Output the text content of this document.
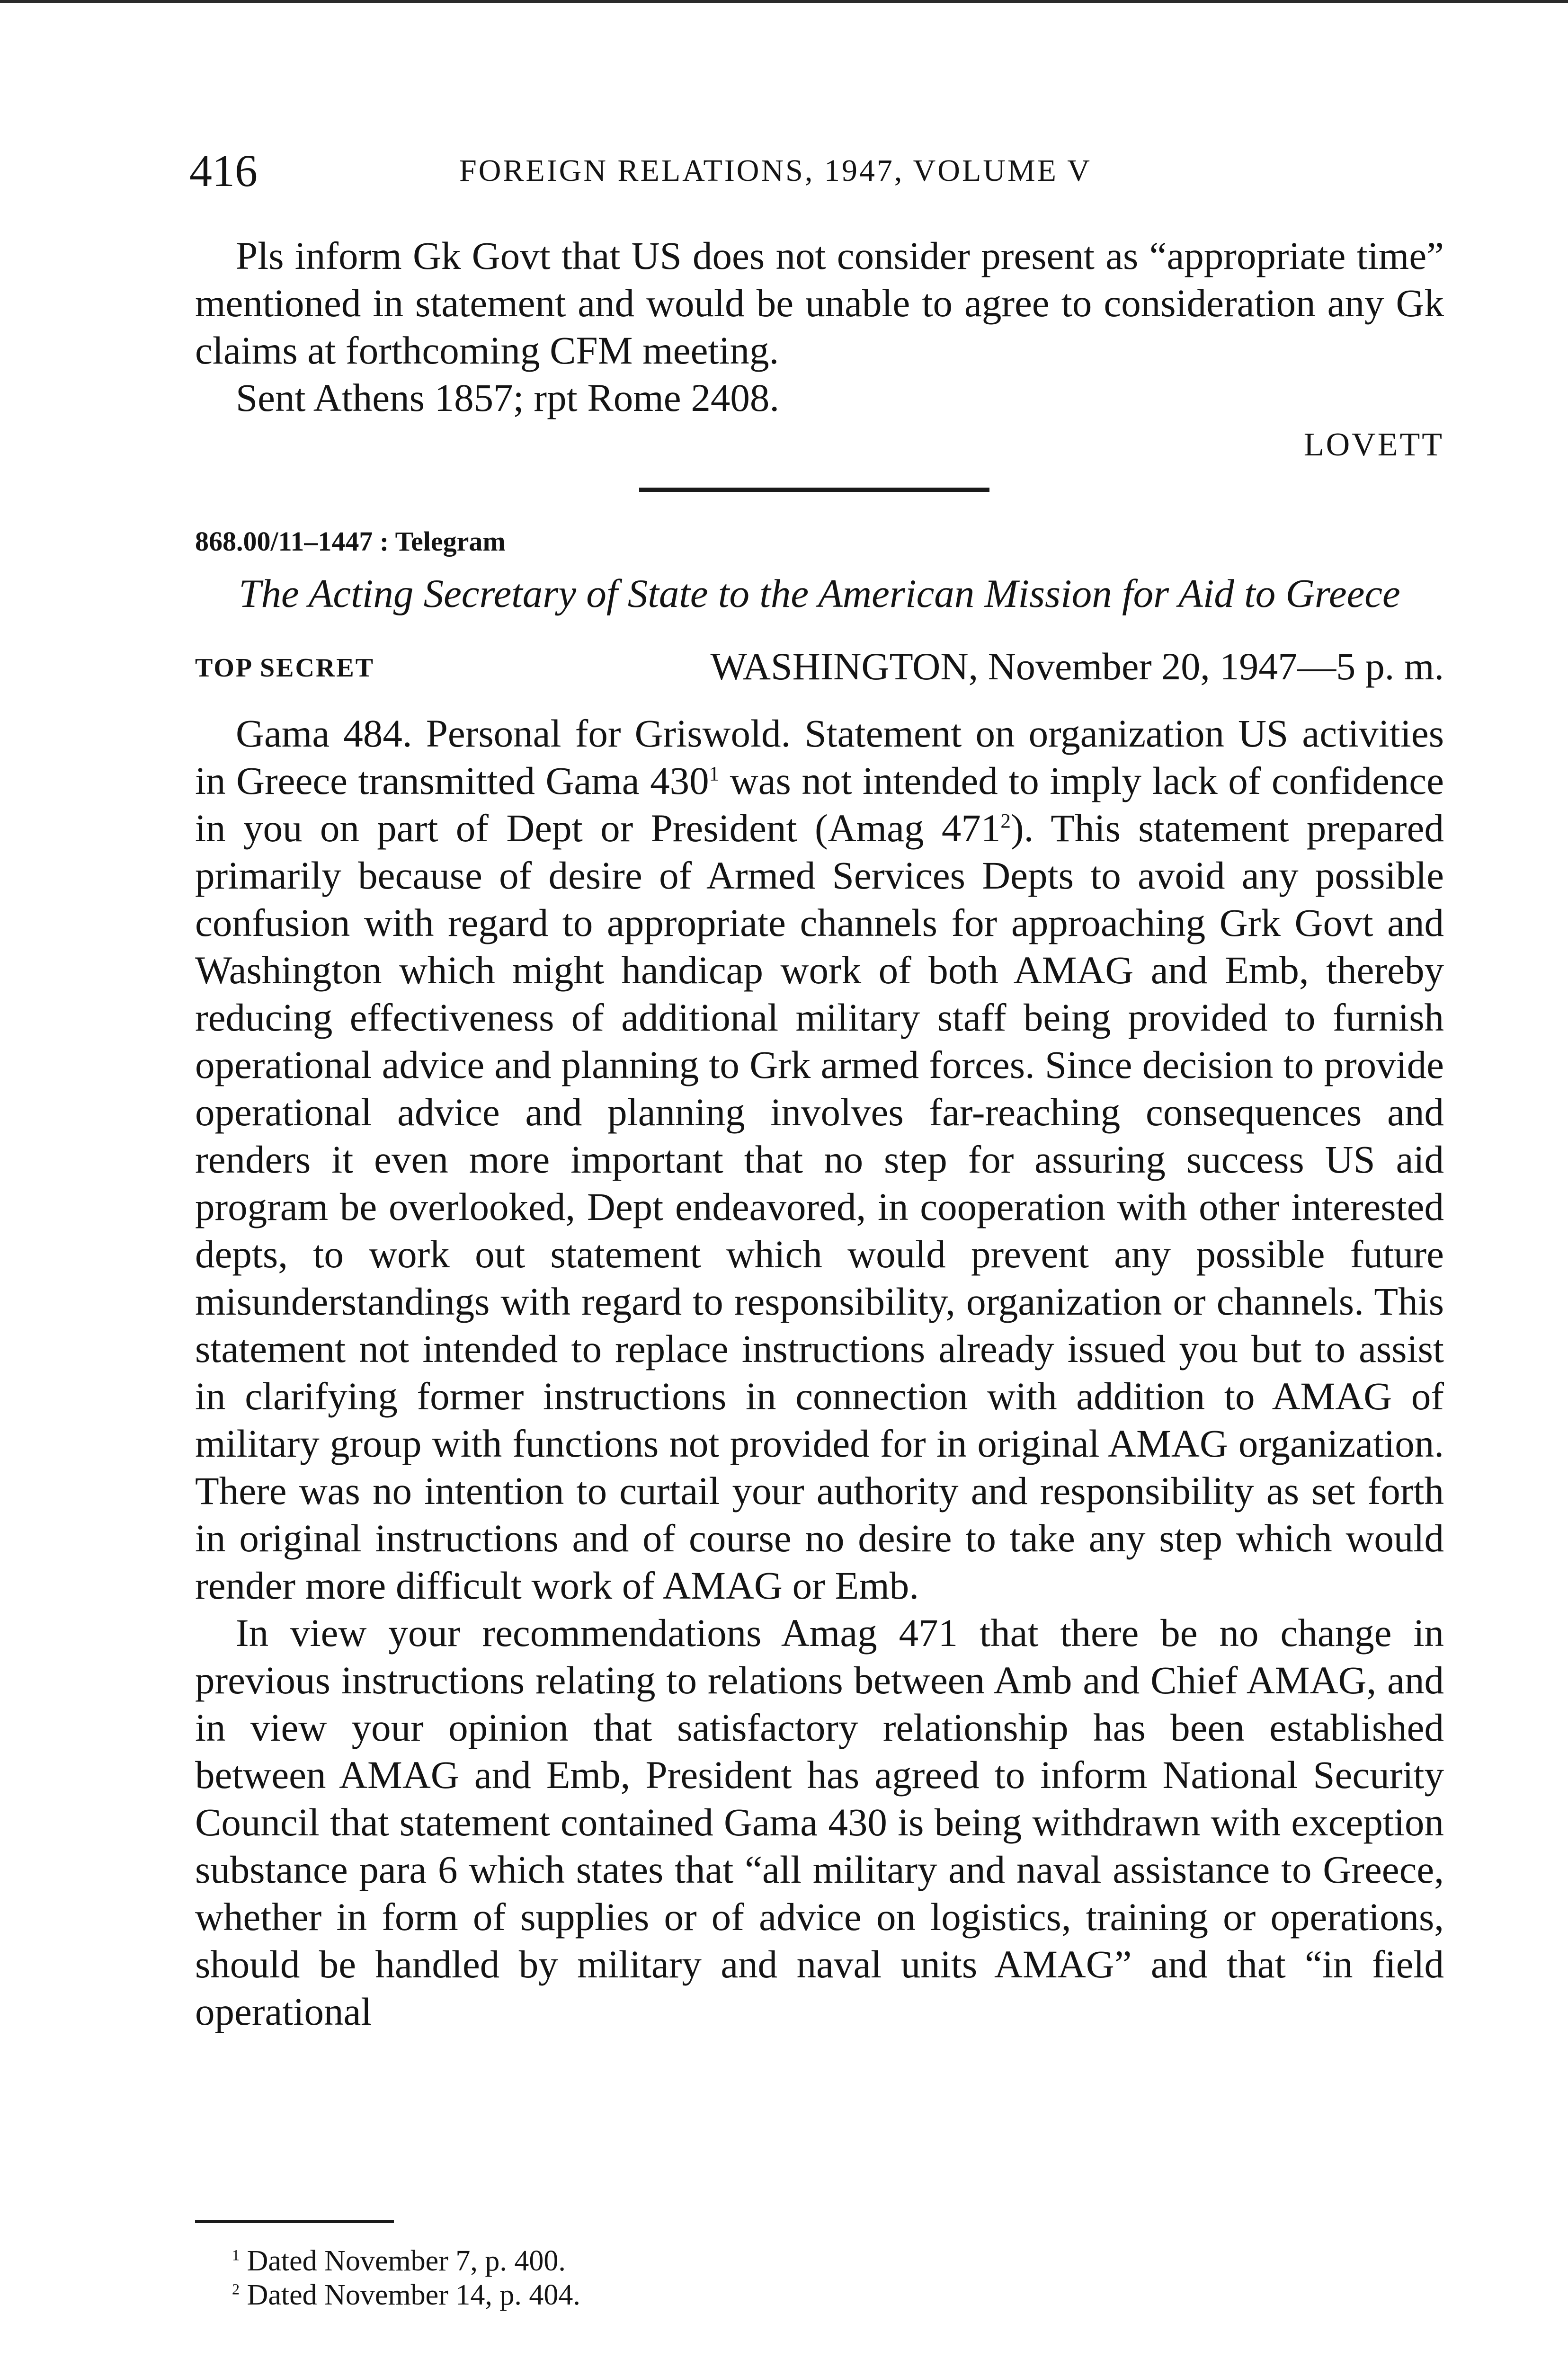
416	FOREIGN RELATIONS, 1947, VOLUME V

Pls inform Gk Govt that US does not consider present as “appropriate time” mentioned in statement and would be unable to agree to consideration any Gk claims at forthcoming CFM meeting.

Sent Athens 1857; rpt Rome 2408.

LOVETT
868.00/11–1447 : Telegram

The Acting Secretary of State to the American Mission for Aid to Greece

TOP SECRET	WASHINGTON, November 20, 1947—5 p. m.

Gama 484. Personal for Griswold. Statement on organization US activities in Greece transmitted Gama $430^1$ was not intended to imply lack of confidence in you on part of Dept or President (Amag $471^2$). This statement prepared primarily because of desire of Armed Services Depts to avoid any possible confusion with regard to appropriate channels for approaching Grk Govt and Washington which might handicap work of both AMAG and Emb, thereby reducing effectiveness of additional military staff being provided to furnish operational advice and planning to Grk armed forces. Since decision to provide operational advice and planning involves far-reaching consequences and renders it even more important that no step for assuring success US aid program be overlooked, Dept endeavored, in cooperation with other interested depts, to work out statement which would prevent any possible future misunderstandings with regard to responsibility, organization or channels. This statement not intended to replace instructions already issued you but to assist in clarifying former instructions in connection with addition to AMAG of military group with functions not provided for in original AMAG organization. There was no intention to curtail your authority and responsibility as set forth in original instructions and of course no desire to take any step which would render more difficult work of AMAG or Emb.

In view your recommendations Amag 471 that there be no change in previous instructions relating to relations between Amb and Chief AMAG, and in view your opinion that satisfactory relationship has been established between AMAG and Emb, President has agreed to inform National Security Council that statement contained Gama 430 is being withdrawn with exception substance para 6 which states that “all military and naval assistance to Greece, whether in form of supplies or of advice on logistics, training or operations, should be handled by military and naval units AMAG” and that “in field operational

$^1$ Dated November 7, p. 400.
$^2$ Dated November 14, p. 404.
